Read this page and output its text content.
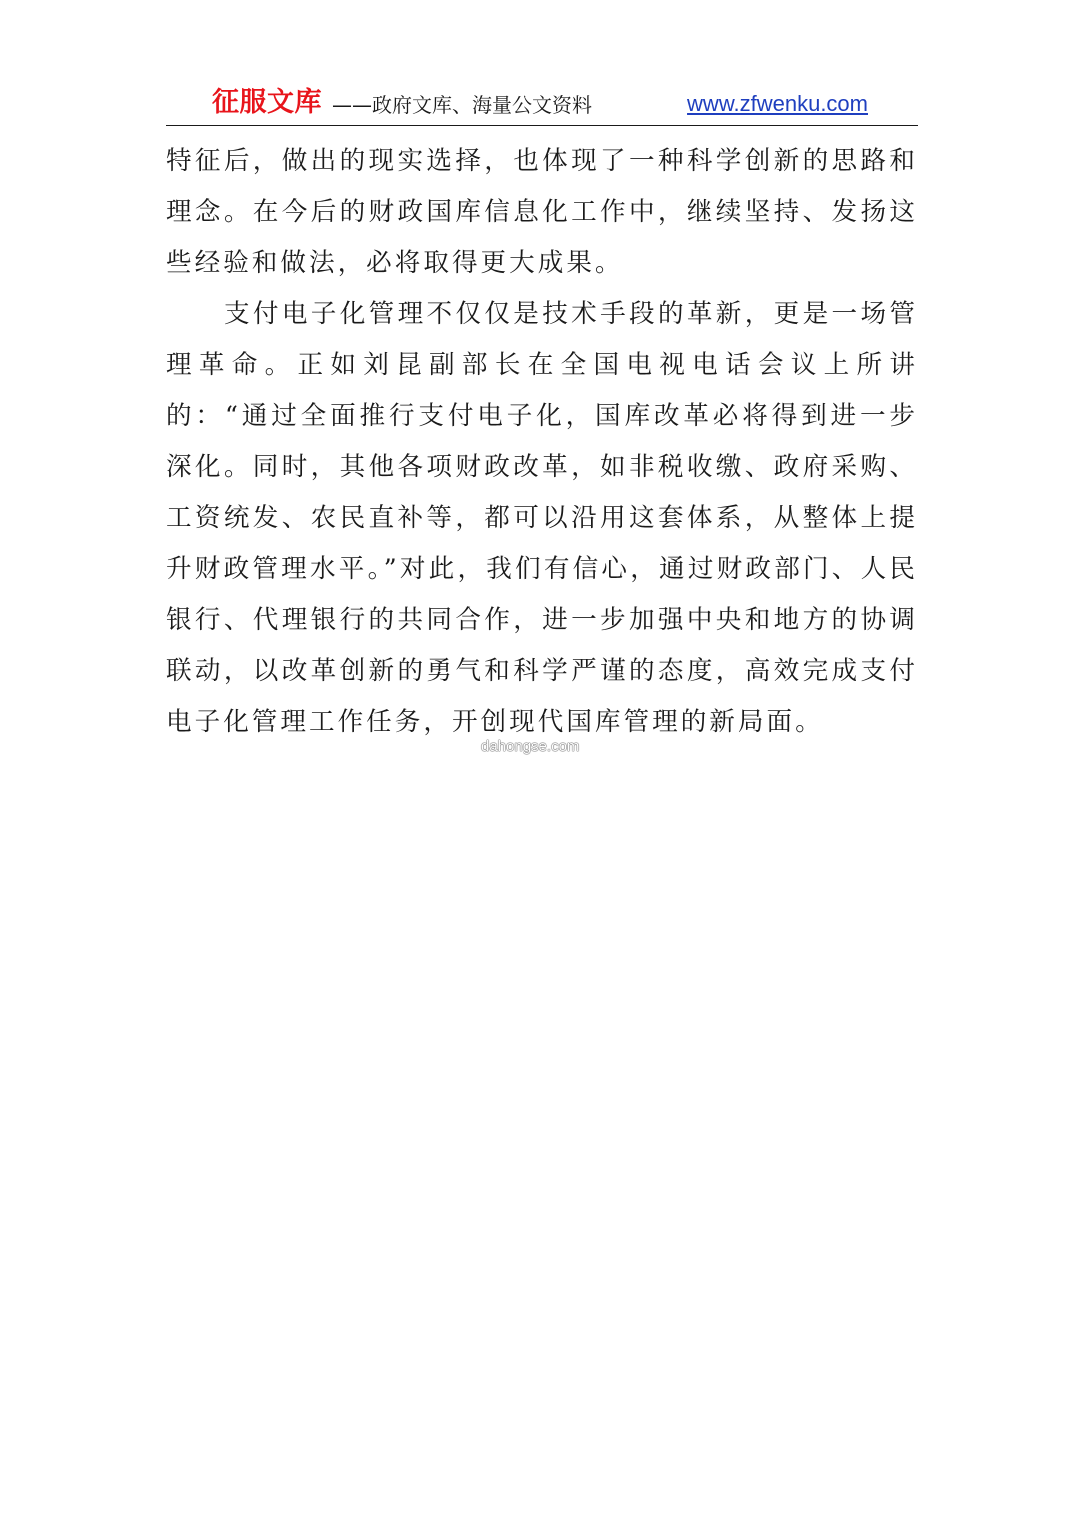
征服文库 ——政府文库、海量公文资料	www.zfwenku.com

特征后，做出的现实选择，也体现了一种科学创新的思路和理念。在今后的财政国库信息化工作中，继续坚持、发扬这些经验和做法，必将取得更大成果。

支付电子化管理不仅仅是技术手段的革新，更是一场管理革命。正如刘昆副部长在全国电视电话会议上所讲的：“通过全面推行支付电子化，国库改革必将得到进一步深化。同时，其他各项财政改革，如非税收缴、政府采购、工资统发、农民直补等，都可以沿用这套体系，从整体上提升财政管理水平。”对此，我们有信心，通过财政部门、人民银行、代理银行的共同合作，进一步加强中央和地方的协调联动，以改革创新的勇气和科学严谨的态度，高效完成支付电子化管理工作任务，开创现代国库管理的新局面。

dahongse.com
